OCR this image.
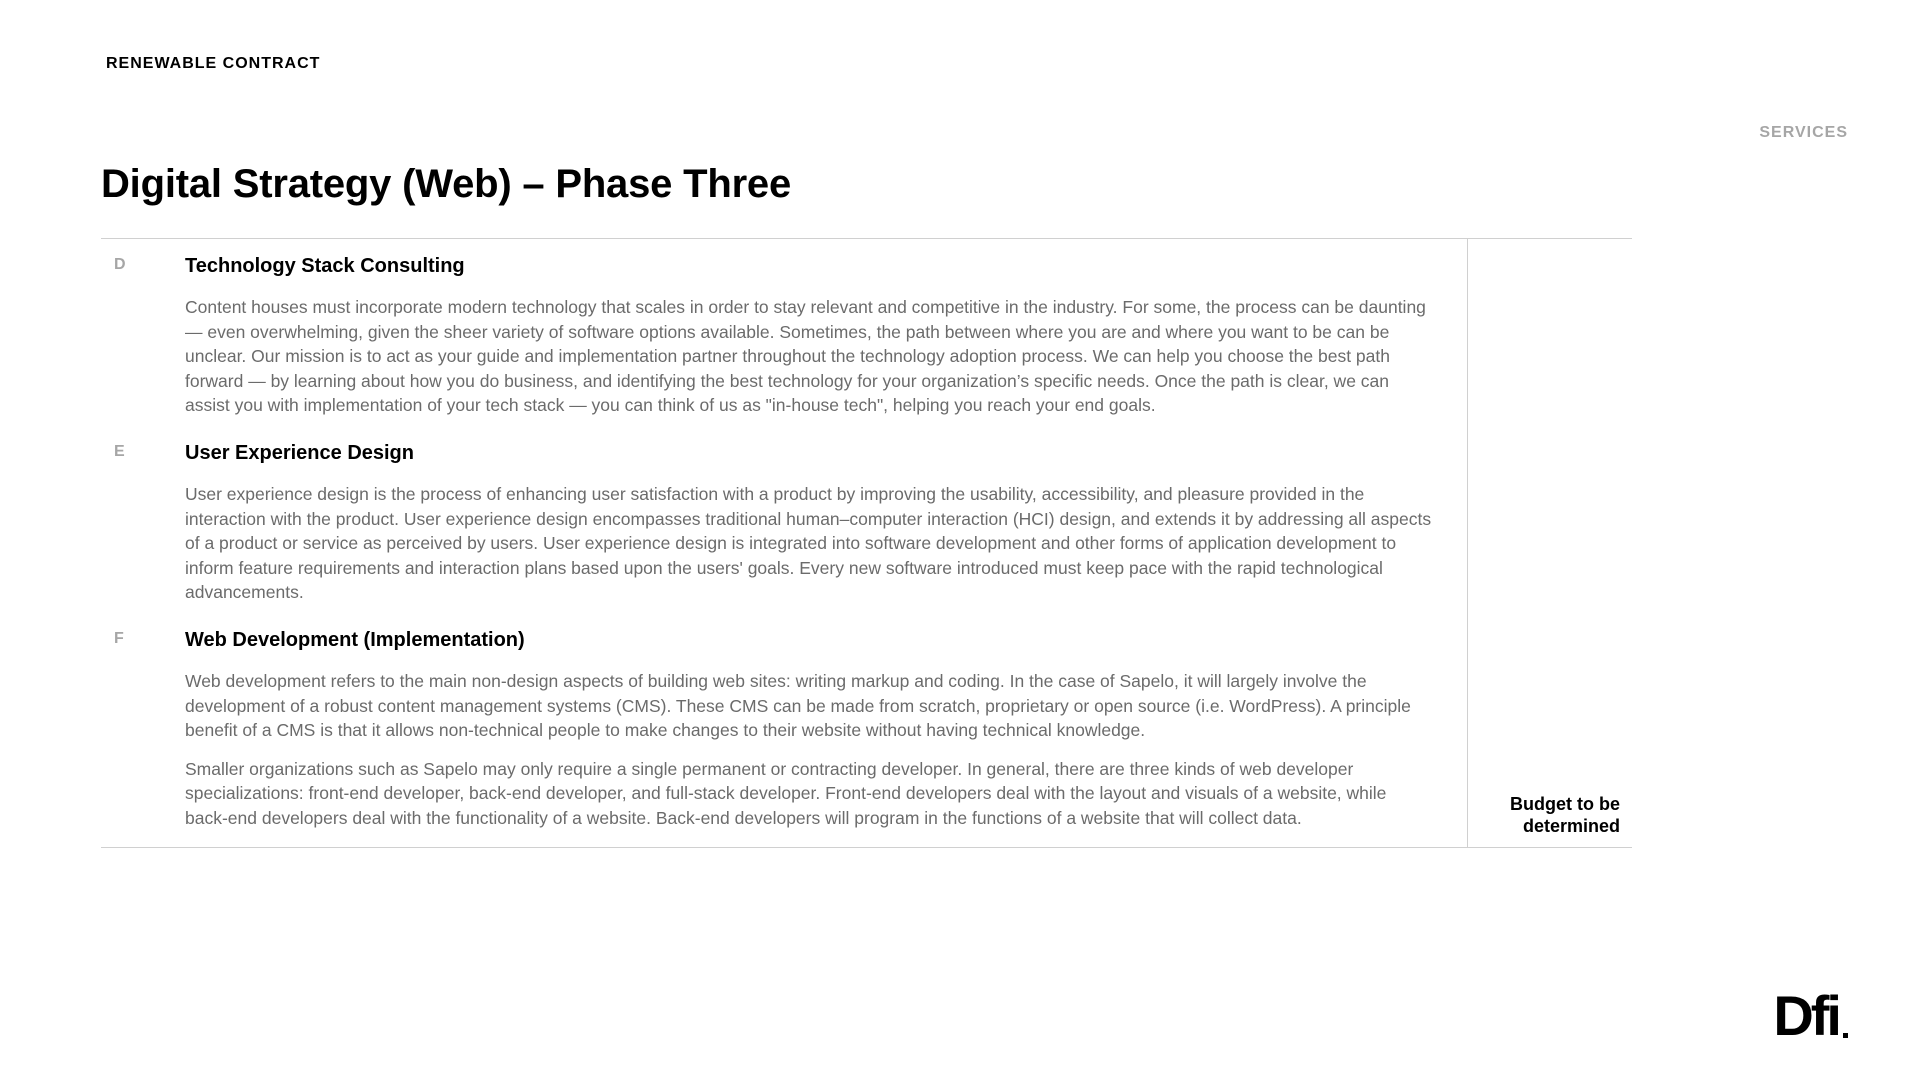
RENEWABLE CONTRACT

SERVICES

Digital Strategy (Web) – Phase Three
D	Technology Stack Consulting

Content houses must incorporate modern technology that scales in order to stay relevant and competitive in the industry. For some, the process can be daunting — even overwhelming, given the sheer variety of software options available. Sometimes, the path between where you are and where you want to be can be unclear. Our mission is to act as your guide and implementation partner throughout the technology adoption process. We can help you choose the best path forward — by learning about how you do business, and identifying the best technology for your organization’s specific needs. Once the path is clear, we can assist you with implementation of your tech stack — you can think of us as "in-house tech", helping you reach your end goals.

E	User Experience Design

User experience design is the process of enhancing user satisfaction with a product by improving the usability, accessibility, and pleasure provided in the interaction with the product. User experience design encompasses traditional human–computer interaction (HCI) design, and extends it by addressing all aspects of a product or service as perceived by users. User experience design is integrated into software development and other forms of application development to inform feature requirements and interaction plans based upon the users' goals. Every new software introduced must keep pace with the rapid technological advancements.

F	Web Development (Implementation)

Web development refers to the main non-design aspects of building web sites: writing markup and coding. In the case of Sapelo, it will largely involve the development of a robust content management systems (CMS). These CMS can be made from scratch, proprietary or open source (i.e. WordPress). A principle benefit of a CMS is that it allows non-technical people to make changes to their website without having technical knowledge.

Smaller organizations such as Sapelo may only require a single permanent or contracting developer. In general, there are three kinds of web developer specializations: front-end developer, back-end developer, and full-stack developer. Front-end developers deal with the layout and visuals of a website, while back-end developers deal with the functionality of a website. Back-end developers will program in the functions of a website that will collect data.

Budget to be determined

Dfi
